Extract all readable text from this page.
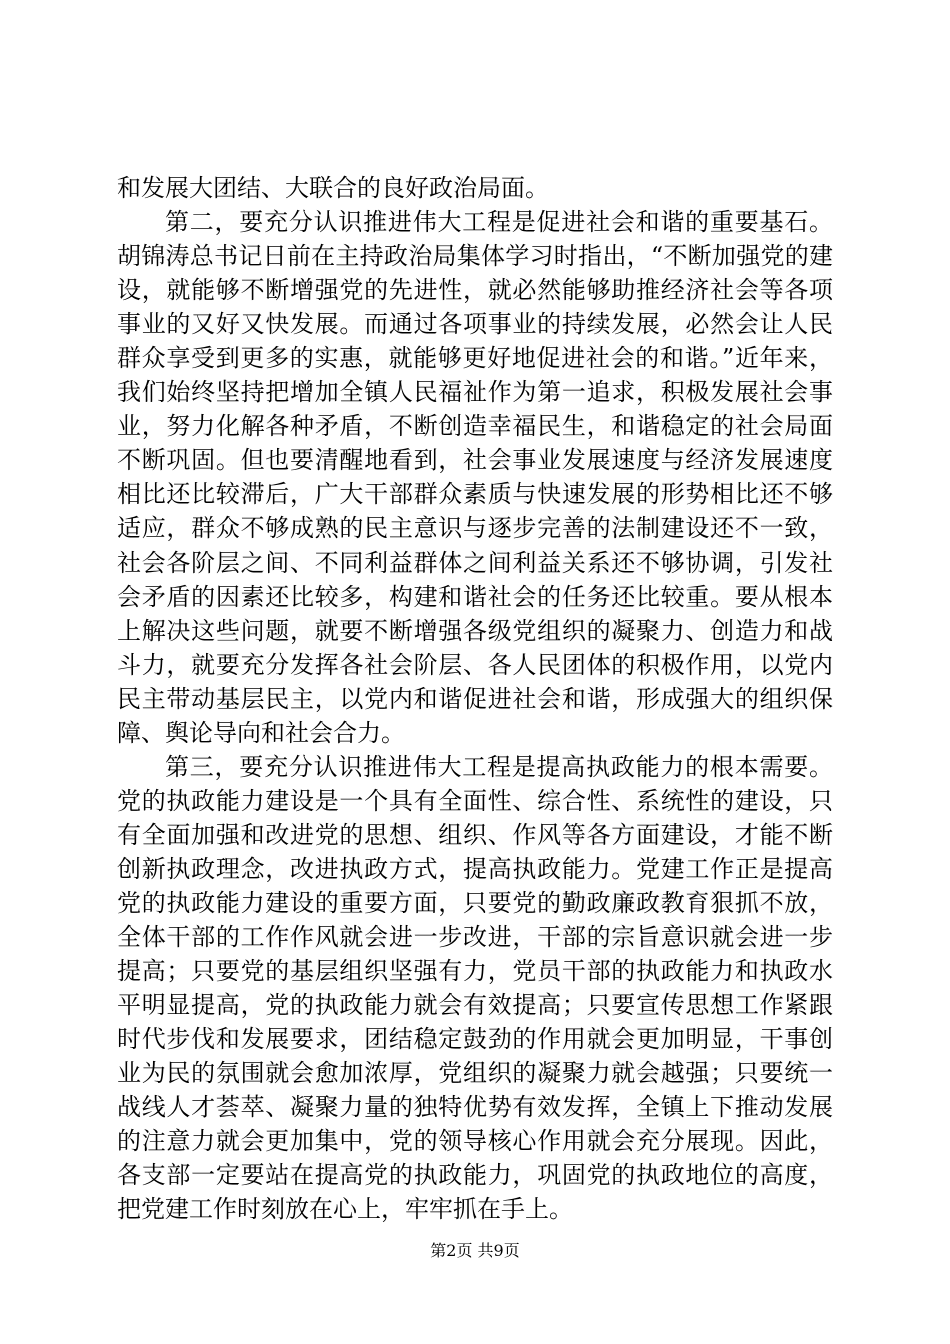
和发展大团结、大联合的良好政治局面。

第二，要充分认识推进伟大工程是促进社会和谐的重要基石。胡锦涛总书记日前在主持政治局集体学习时指出，“不断加强党的建设，就能够不断增强党的先进性，就必然能够助推经济社会等各项事业的又好又快发展。而通过各项事业的持续发展，必然会让人民群众享受到更多的实惠，就能够更好地促进社会的和谐。”近年来，我们始终坚持把增加全镇人民福祉作为第一追求，积极发展社会事业，努力化解各种矛盾，不断创造幸福民生，和谐稳定的社会局面不断巩固。但也要清醒地看到，社会事业发展速度与经济发展速度相比还比较滞后，广大干部群众素质与快速发展的形势相比还不够适应，群众不够成熟的民主意识与逐步完善的法制建设还不一致，社会各阶层之间、不同利益群体之间利益关系还不够协调，引发社会矛盾的因素还比较多，构建和谐社会的任务还比较重。要从根本上解决这些问题，就要不断增强各级党组织的凝聚力、创造力和战斗力，就要充分发挥各社会阶层、各人民团体的积极作用，以党内民主带动基层民主，以党内和谐促进社会和谐，形成强大的组织保障、舆论导向和社会合力。

第三，要充分认识推进伟大工程是提高执政能力的根本需要。党的执政能力建设是一个具有全面性、综合性、系统性的建设，只有全面加强和改进党的思想、组织、作风等各方面建设，才能不断创新执政理念，改进执政方式，提高执政能力。党建工作正是提高党的执政能力建设的重要方面，只要党的勤政廉政教育狠抓不放，全体干部的工作作风就会进一步改进，干部的宗旨意识就会进一步提高；只要党的基层组织坚强有力，党员干部的执政能力和执政水平明显提高，党的执政能力就会有效提高；只要宣传思想工作紧跟时代步伐和发展要求，团结稳定鼓劲的作用就会更加明显，干事创业为民的氛围就会愈加浓厚，党组织的凝聚力就会越强；只要统一战线人才荟萃、凝聚力量的独特优势有效发挥，全镇上下推动发展的注意力就会更加集中，党的领导核心作用就会充分展现。因此，各支部一定要站在提高党的执政能力，巩固党的执政地位的高度，把党建工作时刻放在心上，牢牢抓在手上。

第2页 共9页
